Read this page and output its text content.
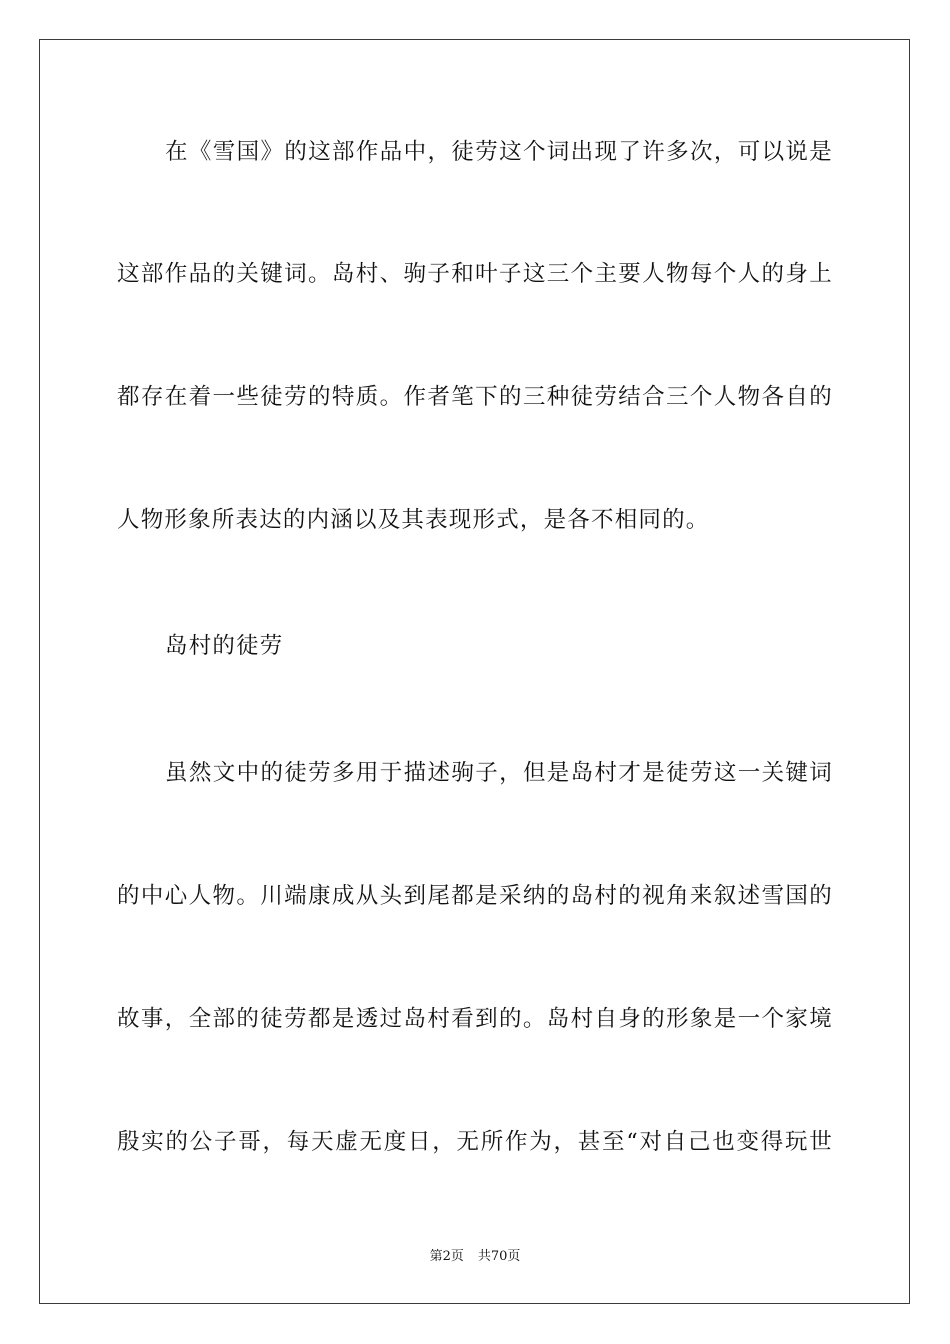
在《雪国》的这部作品中，徒劳这个词出现了许多次，可以说是
这部作品的关键词。岛村、驹子和叶子这三个主要人物每个人的身上
都存在着一些徒劳的特质。作者笔下的三种徒劳结合三个人物各自的
人物形象所表达的内涵以及其表现形式，是各不相同的。
岛村的徒劳
虽然文中的徒劳多用于描述驹子，但是岛村才是徒劳这一关键词
的中心人物。川端康成从头到尾都是采纳的岛村的视角来叙述雪国的
故事，全部的徒劳都是透过岛村看到的。岛村自身的形象是一个家境
殷实的公子哥，每天虚无度日，无所作为，甚至“对自己也变得玩世
第2页 共70页
